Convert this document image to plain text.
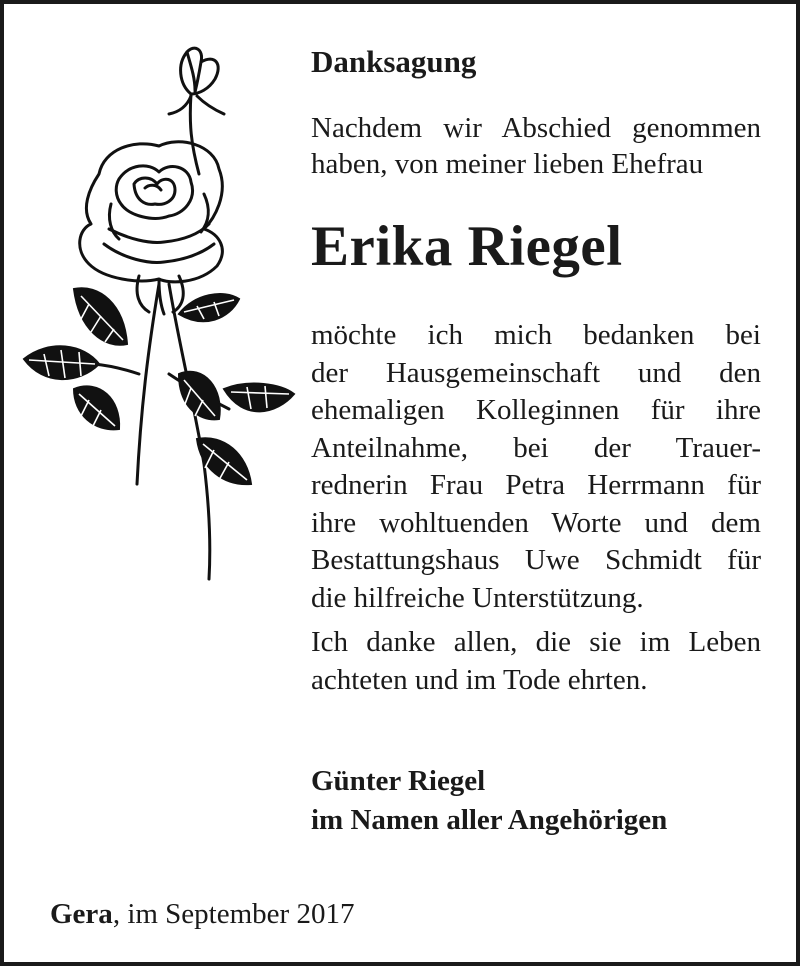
Danksagung
Nachdem wir Abschied genommen
haben, von meiner lieben Ehefrau
Erika Riegel
möchte ich mich bedanken bei
der Hausgemeinschaft und den
ehemaligen Kolleginnen für ihre
Anteilnahme, bei der Trauer-
rednerin Frau Petra Herrmann für
ihre wohltuenden Worte und dem
Bestattungshaus Uwe Schmidt für
die hilfreiche Unterstützung.
Ich danke allen, die sie im Leben
achteten und im Tode ehrten.
Günter Riegel
im Namen aller Angehörigen
Gera, im September 2017
